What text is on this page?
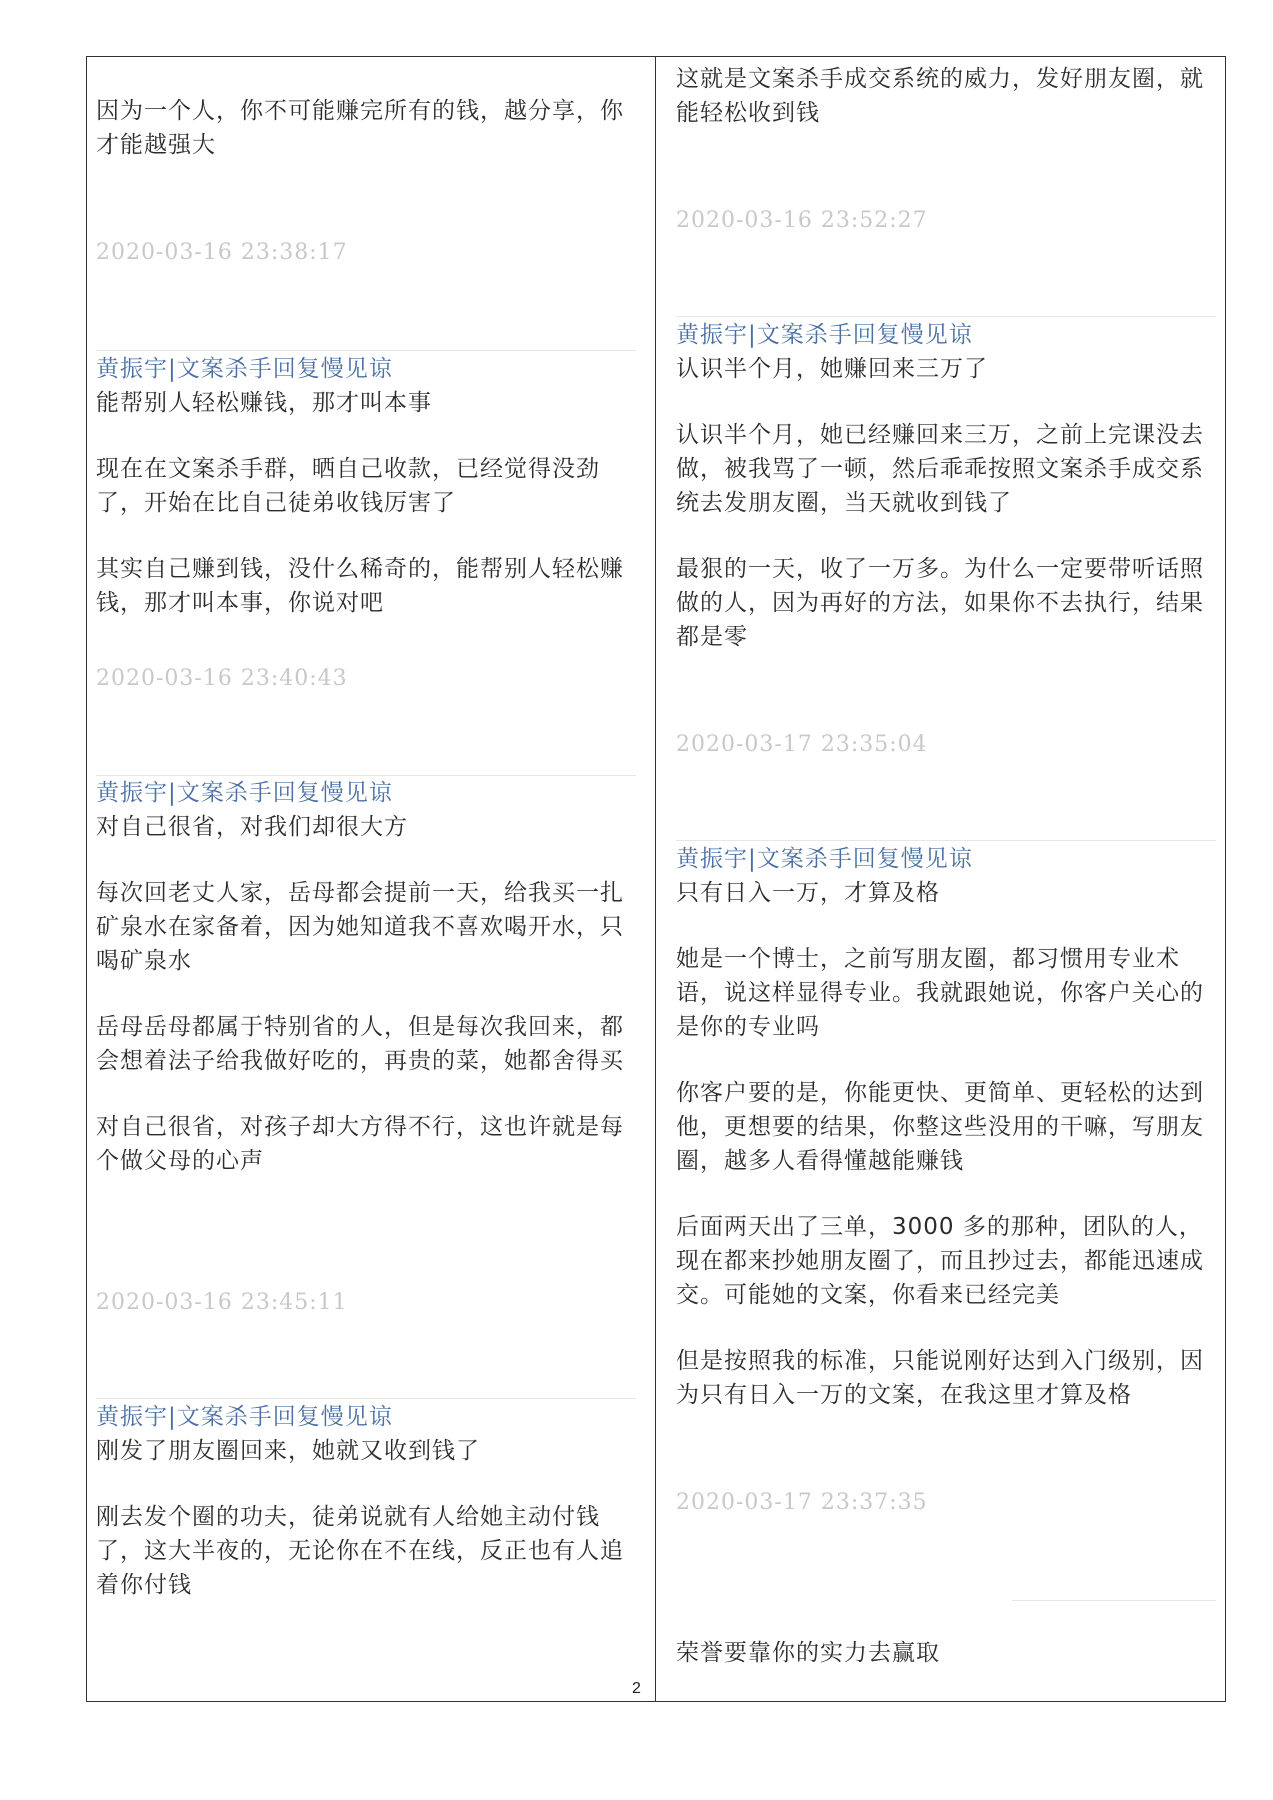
因为一个人，你不可能赚完所有的钱，越分享，你才能越强大

2020-03-16 23:38:17
黄振宇|文案杀手回复慢见谅

能帮别人轻松赚钱，那才叫本事

现在在文案杀手群，晒自己收款，已经觉得没劲了，开始在比自己徒弟收钱厉害了

其实自己赚到钱，没什么稀奇的，能帮别人轻松赚钱，那才叫本事，你说对吧

2020-03-16 23:40:43
黄振宇|文案杀手回复慢见谅

对自己很省，对我们却很大方

每次回老丈人家，岳母都会提前一天，给我买一扎矿泉水在家备着，因为她知道我不喜欢喝开水，只喝矿泉水

岳母岳母都属于特别省的人，但是每次我回来，都会想着法子给我做好吃的，再贵的菜，她都舍得买

对自己很省，对孩子却大方得不行，这也许就是每个做父母的心声

2020-03-16 23:45:11
黄振宇|文案杀手回复慢见谅

刚发了朋友圈回来，她就又收到钱了

刚去发个圈的功夫，徒弟说就有人给她主动付钱了，这大半夜的，无论你在不在线，反正也有人追着你付钱

这就是文案杀手成交系统的威力，发好朋友圈，就能轻松收到钱

2020-03-16 23:52:27
黄振宇|文案杀手回复慢见谅

认识半个月，她赚回来三万了

认识半个月，她已经赚回来三万，之前上完课没去做，被我骂了一顿，然后乖乖按照文案杀手成交系统去发朋友圈，当天就收到钱了

最狠的一天，收了一万多。为什么一定要带听话照做的人，因为再好的方法，如果你不去执行，结果都是零

2020-03-17 23:35:04
黄振宇|文案杀手回复慢见谅

只有日入一万，才算及格

她是一个博士，之前写朋友圈，都习惯用专业术语，说这样显得专业。我就跟她说，你客户关心的是你的专业吗

你客户要的是，你能更快、更简单、更轻松的达到他，更想要的结果，你整这些没用的干嘛，写朋友圈，越多人看得懂越能赚钱

后面两天出了三单，3000 多的那种，团队的人，现在都来抄她朋友圈了，而且抄过去，都能迅速成交。可能她的文案，你看来已经完美

但是按照我的标准，只能说刚好达到入门级别，因为只有日入一万的文案，在我这里才算及格

2020-03-17 23:37:35

荣誉要靠你的实力去赢取

2
